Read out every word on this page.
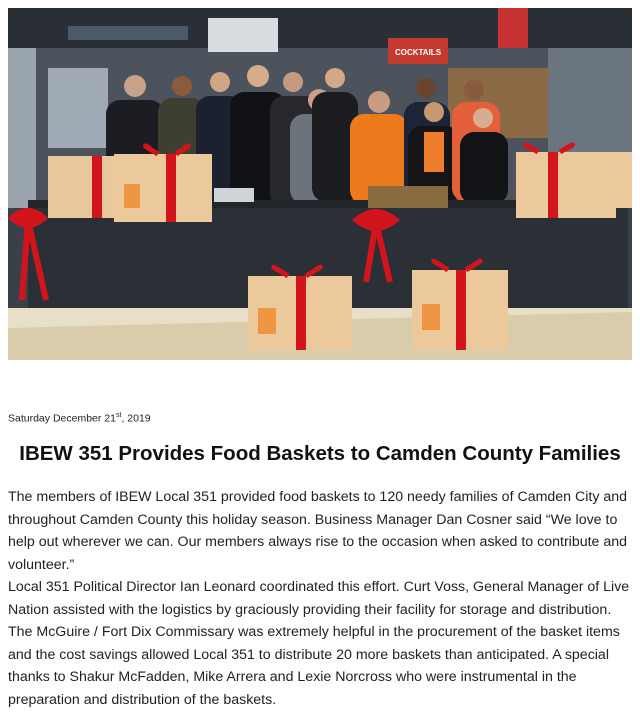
COCKTAILS
Saturday December 21st, 2019
IBEW 351 Provides Food Baskets to Camden County Families

The members of IBEW Local 351 provided food baskets to 120 needy families of Camden City and throughout Camden County this holiday season. Business Manager Dan Cosner said “We love to help out wherever we can. Our members always rise to the occasion when asked to contribute and volunteer.”

Local 351 Political Director Ian Leonard coordinated this effort. Curt Voss, General Manager of Live Nation assisted with the logistics by graciously providing their facility for storage and distribution. The McGuire / Fort Dix Commissary was extremely helpful in the procurement of the basket items and the cost savings allowed Local 351 to distribute 20 more baskets than anticipated. A special thanks to Shakur McFadden, Mike Arrera and Lexie Norcross who were instrumental in the preparation and distribution of the baskets.
